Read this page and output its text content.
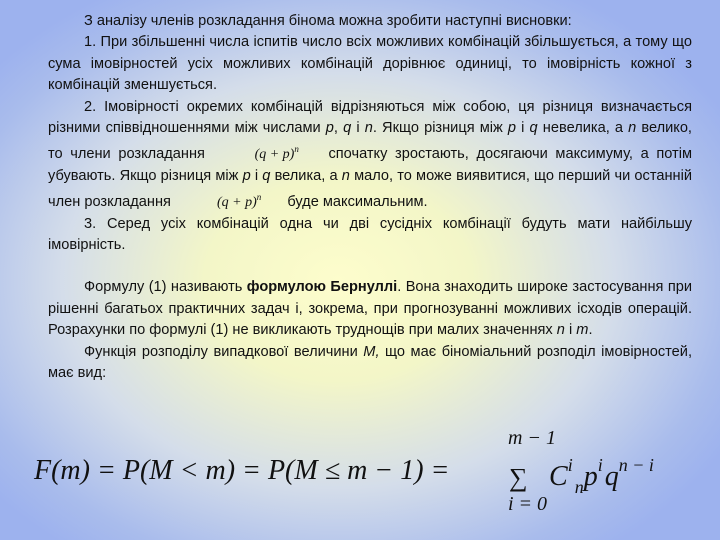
З аналізу членів розкладання бінома можна зробити наступні висновки:

1. При збільшенні числа іспитів число всіх можливих комбінацій збільшується, а тому що сума імовірностей усіх можливих комбінацій дорівнює одиниці, то імовірність кожної з комбінацій зменшується.

2. Імовірності окремих комбінацій відрізняються між собою, ця різниця визначається різними співвідношеннями між числами p, q і n. Якщо різниця між p і q невелика, а n велико, то члени розкладання	$(q + p)^n$ спочатку зростають, досягаючи максимуму, а потім убувають. Якщо різниця між p і q велика, а n мало, то може виявитися, що перший чи останній член розкладання	$(q + p)^n$ буде максимальним.

3. Серед усіх комбінацій одна чи дві сусідніх комбінації будуть мати найбільшу імовірність.

Формулу (1) називають формулою Бернуллі. Вона знаходить широке застосування при рішенні багатьох практичних задач і, зокрема, при прогнозуванні можливих ісходів операцій. Розрахунки по формулі (1) не викликають труднощів при малих значеннях n і m.

Функція розподілу випадкової величини M, що має біноміальний розподіл імовірностей, має вид:

F(m) = P(M < m) = P(M ≤ m − 1) =
m − 1
∑
i = 0
$C^i_np^iq^{n - i}$
